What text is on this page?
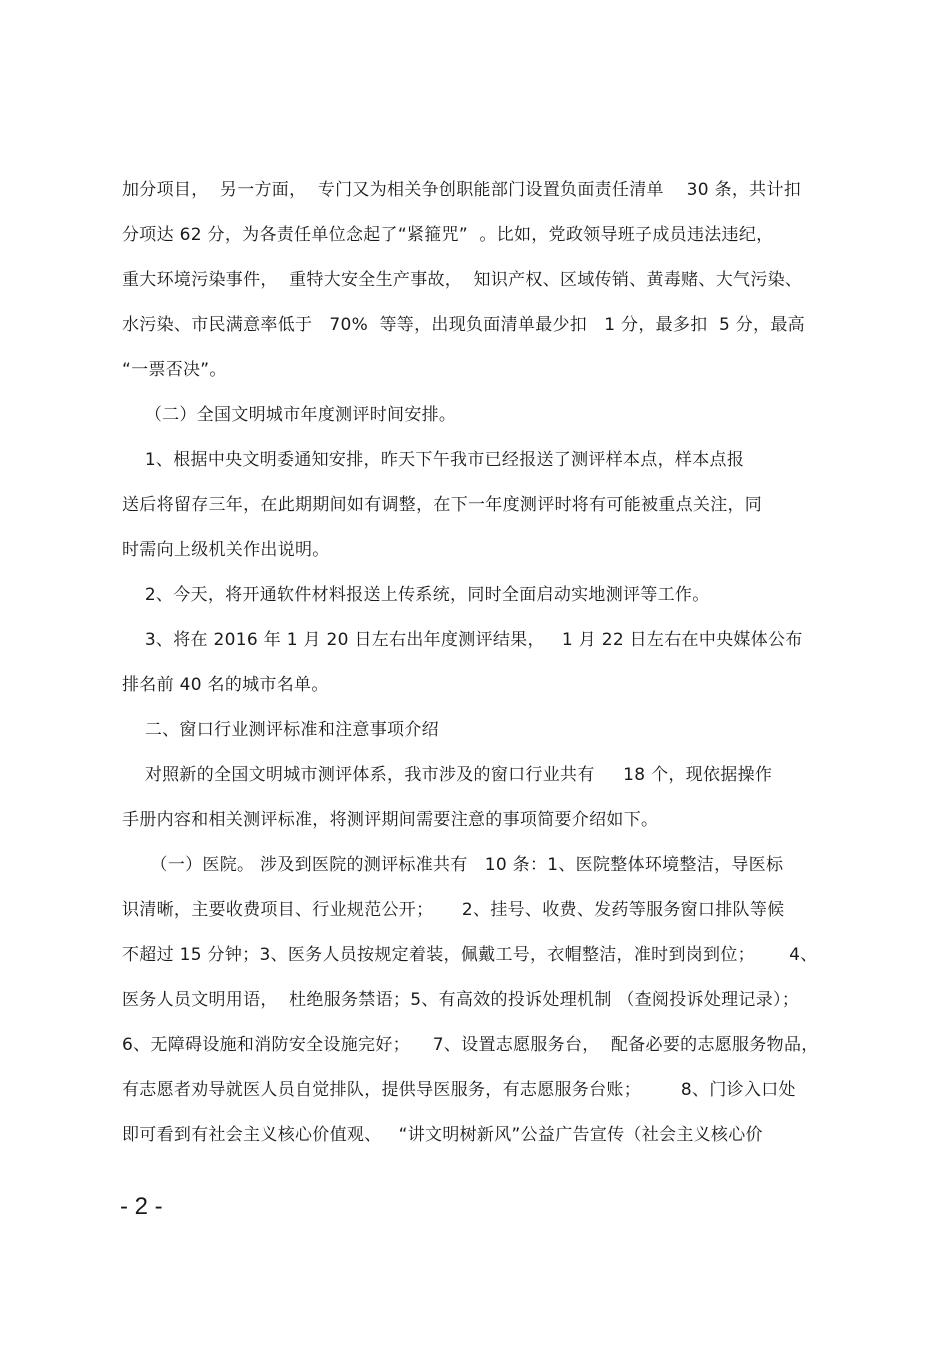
加分项目，  另一方面，  专门又为相关争创职能部门设置负面责任清单    30 条，共计扣
分项达 62 分，为各责任单位念起了“紧箍咒”  。比如，党政领导班子成员违法违纪，
重大环境污染事件，  重特大安全生产事故，  知识产权、区域传销、黄毒赌、大气污染、
水污染、市民满意率低于   70%  等等，出现负面清单最少扣   1 分，最多扣  5 分，最高
“一票否决”。
（二）全国文明城市年度测评时间安排。
1、根据中央文明委通知安排，昨天下午我市已经报送了测评样本点，样本点报
送后将留存三年，在此期期间如有调整，在下一年度测评时将有可能被重点关注，同
时需向上级机关作出说明。
2、今天，将开通软件材料报送上传系统，同时全面启动实地测评等工作。
3、将在 2016 年 1 月 20 日左右出年度测评结果，   1 月 22 日左右在中央媒体公布
排名前 40 名的城市名单。
二、窗口行业测评标准和注意事项介绍
对照新的全国文明城市测评体系，我市涉及的窗口行业共有     18 个，现依据操作
手册内容和相关测评标准，将测评期间需要注意的事项简要介绍如下。
（一）医院。 涉及到医院的测评标准共有   10 条：1、医院整体环境整洁，导医标
识清晰，主要收费项目、行业规范公开；     2、挂号、收费、发药等服务窗口排队等候
不超过 15 分钟；3、医务人员按规定着装，佩戴工号，衣帽整洁，准时到岗到位；      4、
医务人员文明用语，  杜绝服务禁语；5、有高效的投诉处理机制 （查阅投诉处理记录）；
6、无障碍设施和消防安全设施完好；    7、设置志愿服务台，  配备必要的志愿服务物品，
有志愿者劝导就医人员自觉排队，提供导医服务，有志愿服务台账；       8、门诊入口处
即可看到有社会主义核心价值观、   “讲文明树新风”公益广告宣传（社会主义核心价
- 2 -
